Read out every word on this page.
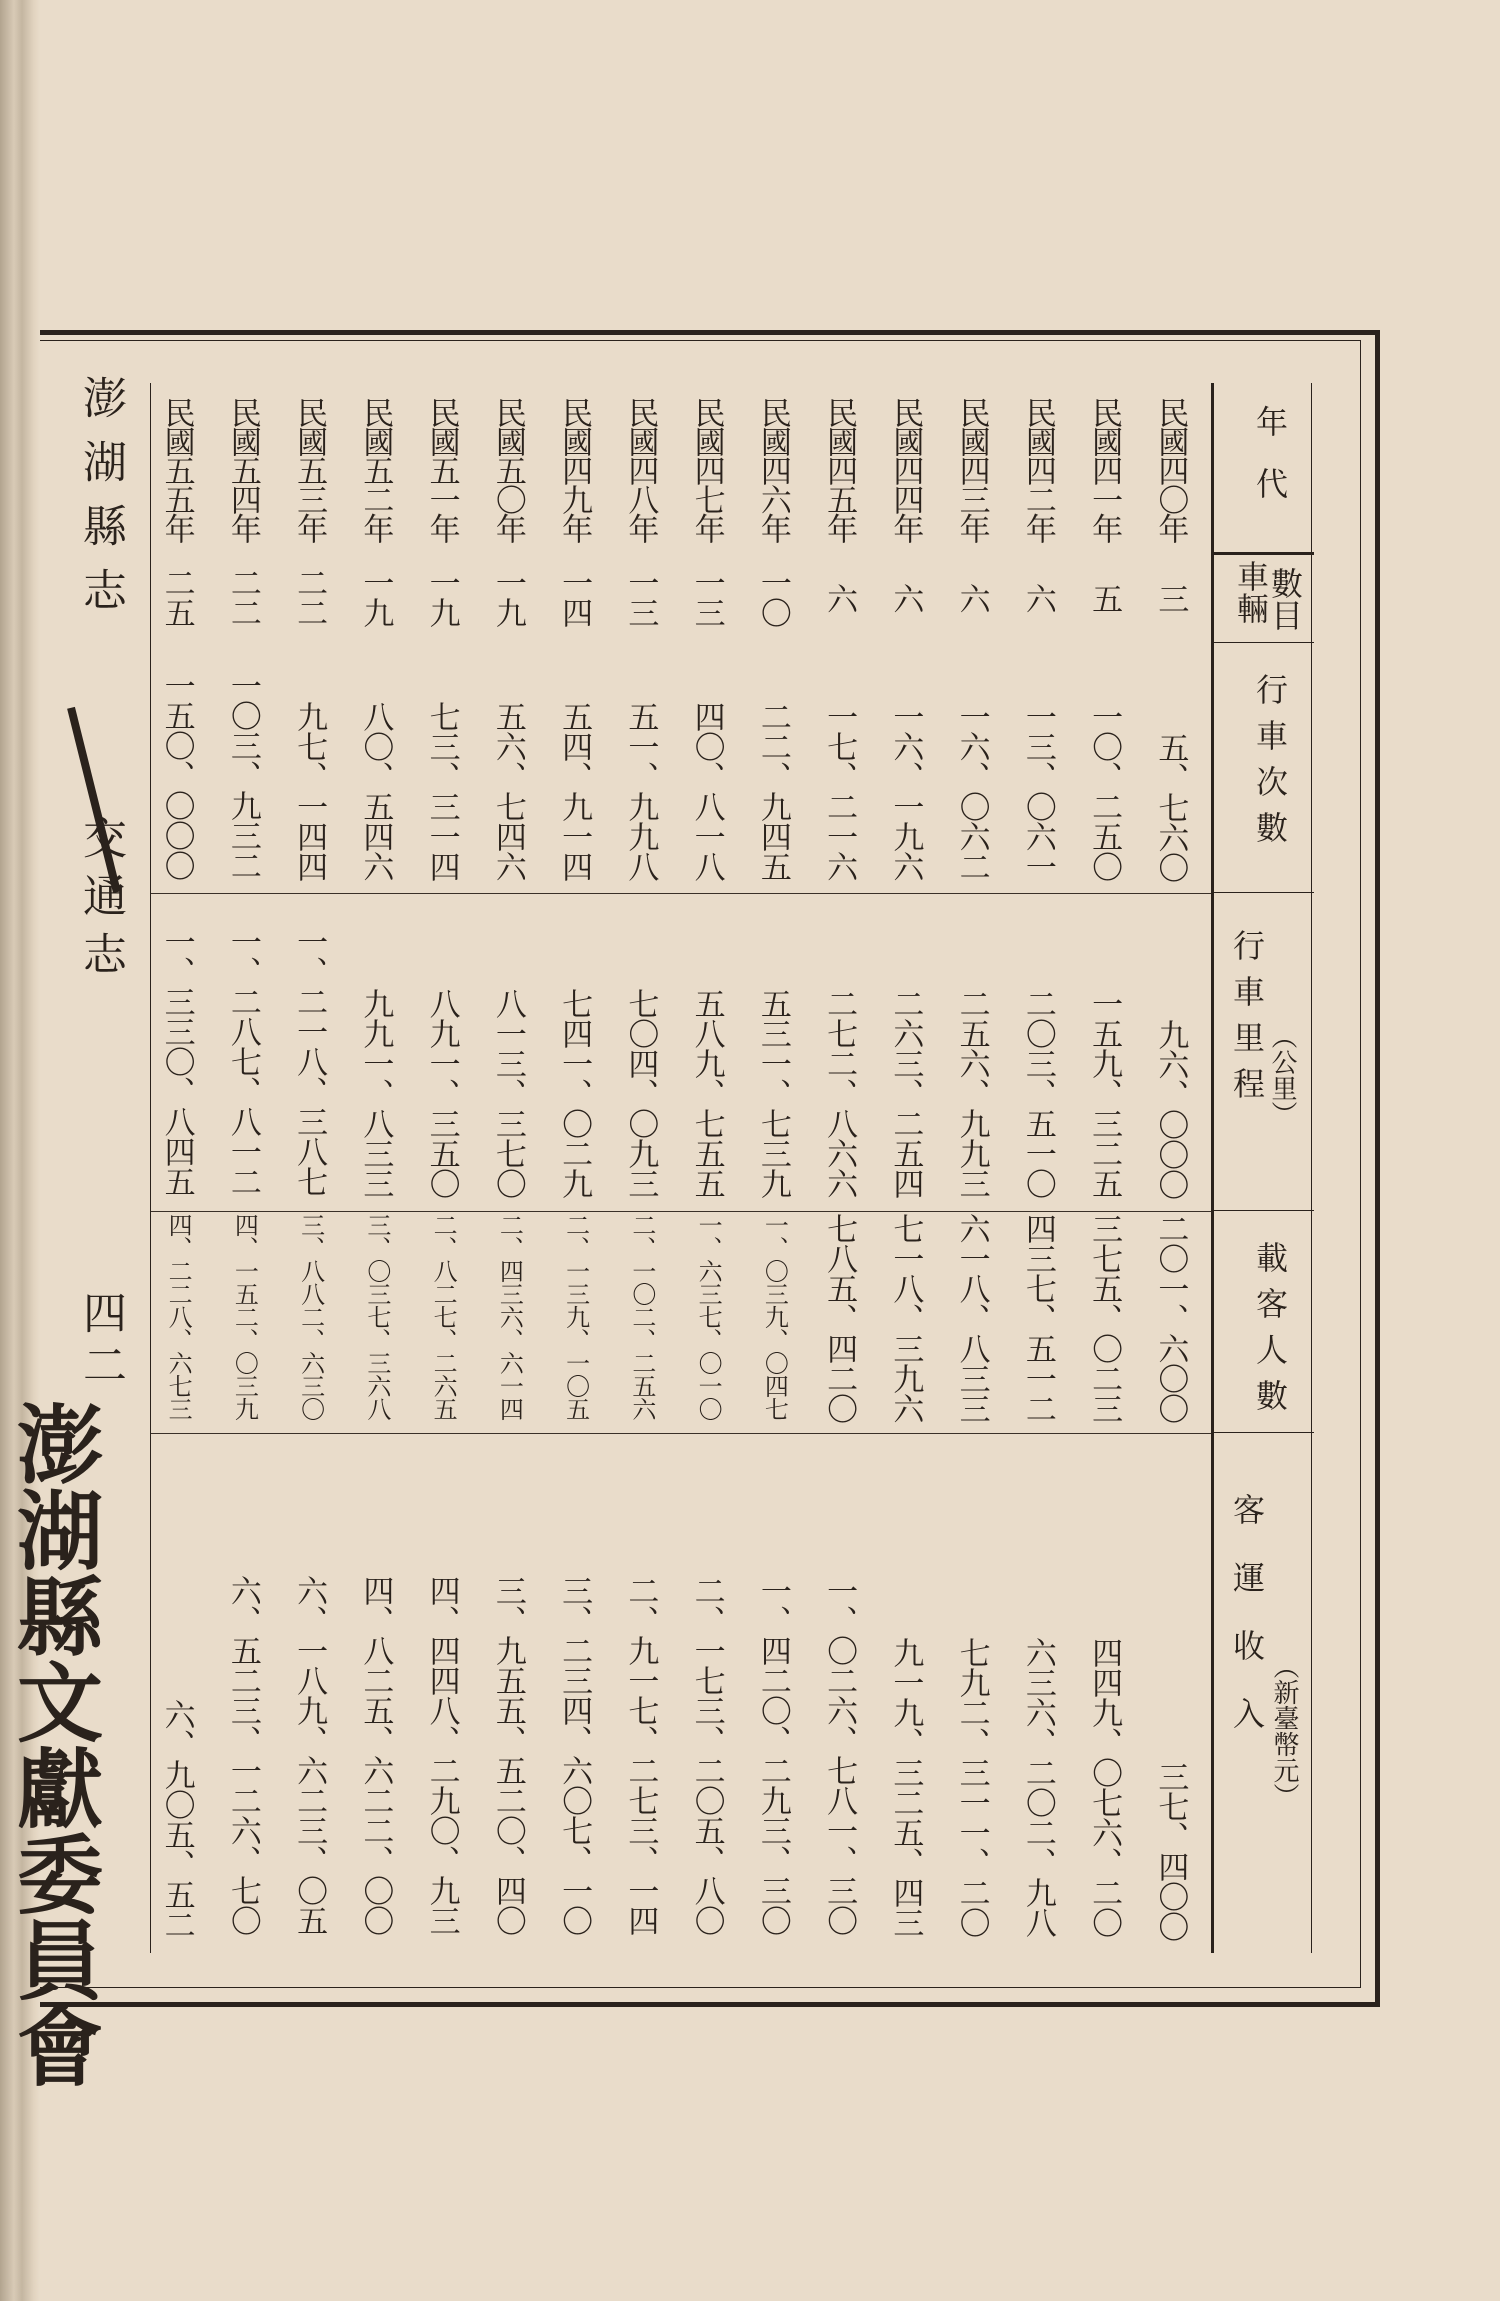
澎湖縣志
交通志
四二
澎湖縣文獻委員會
年代
車輛
數目
行車次數
行車里程 （公里）
載客人數
客運收入 （新臺幣元）
民國四〇年
三
五、七六〇
九六、〇〇〇
二〇一、六〇〇
三七、四〇〇
民國四一年
五
一〇、二五〇
一五九、三二五
三七五、〇二三
四四九、〇七六、二〇
民國四二年
六
一三、〇六一
二〇三、五一〇
四三七、五一二
六三六、二〇二、九八
民國四三年
六
一六、〇六二
二五六、九九三
六一八、八三三
七九二、三一一、二〇
民國四四年
六
一六、一九六
二六三、二五四
七一八、三九六
九一九、三二五、四三
民國四五年
六
一七、二一六
二七二、八六六
七八五、四二〇
一、〇二六、七八一、三〇
民國四六年
一〇
二二、九四五
五三一、七三九
一、〇三九、〇四七
一、四二〇、二九三、三〇
民國四七年
一三
四〇、八一八
五八九、七五五
一、六三七、〇一〇
二、一七三、二〇五、八〇
民國四八年
一三
五一、九九八
七〇四、〇九三
二、一〇二、二五六
二、九一七、二七三、一四
民國四九年
一四
五四、九一四
七四一、〇二九
二、一三九、一〇五
三、二三四、六〇七、一〇
民國五〇年
一九
五六、七四六
八一三、三七〇
二、四三六、六一四
三、九五五、五二〇、四〇
民國五一年
一九
七三、三一四
八九一、三五〇
二、八二七、二六五
四、四四八、二九〇、九三
民國五二年
一九
八〇、五四六
九九一、八三三
三、〇三七、三六八
四、八二五、六二二、〇〇
民國五三年
二二
九七、一四四
一、二一八、三八七
三、八八二、六三〇
六、一八九、六二三、〇五
民國五四年
二二
一〇三、九三二
一、二八七、八一二
四、一五二、〇三九
六、五二三、一二六、七〇
民國五五年
二五
一五〇、〇〇〇
一、三三〇、八四五
四、二二八、六七三
六、九〇五、五二
